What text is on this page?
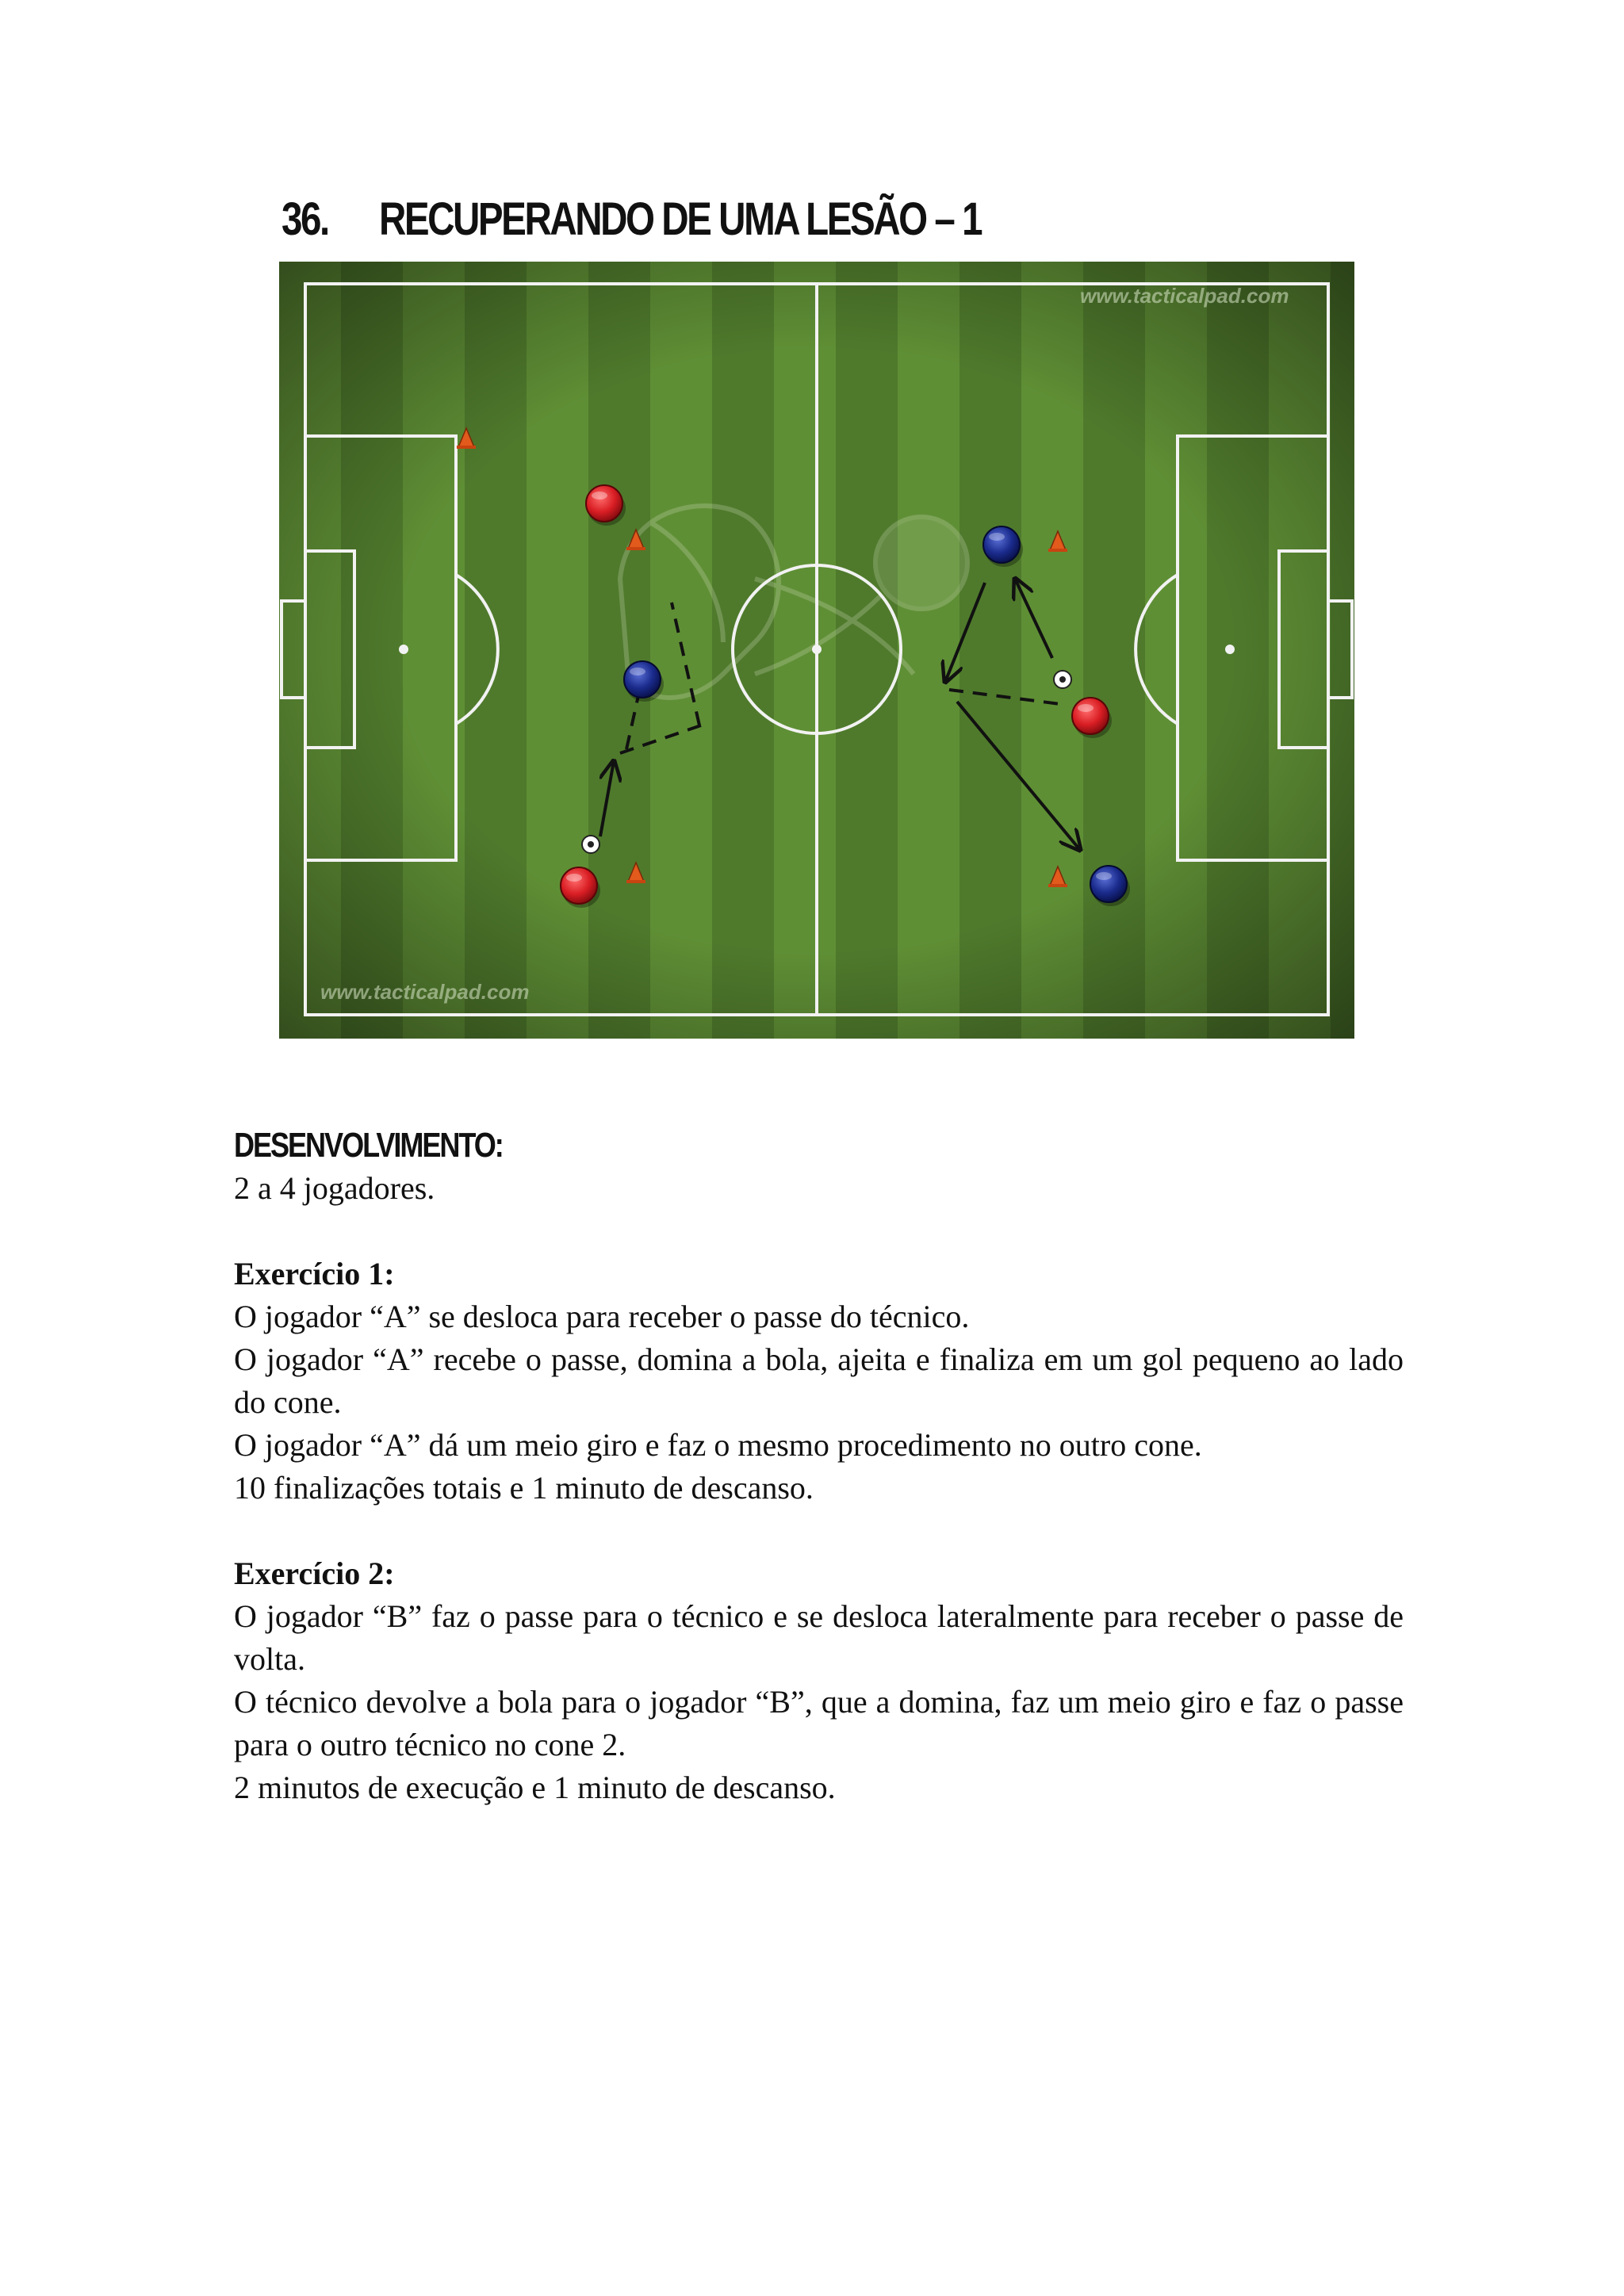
36. RECUPERANDO DE UMA LESÃO – 1
www.tacticalpad.com
www.tacticalpad.com
DESENVOLVIMENTO:

2 a 4 jogadores.

Exercício 1:

O jogador “A” se desloca para receber o passe do técnico.

O jogador “A” recebe o passe, domina a bola, ajeita e finaliza em um gol pequeno ao lado do cone.

O jogador “A” dá um meio giro e faz o mesmo procedimento no outro cone.

10 finalizações totais e 1 minuto de descanso.

Exercício 2:

O jogador “B” faz o passe para o técnico e se desloca lateralmente para receber o passe de volta.

O técnico devolve a bola para o jogador “B”, que a domina, faz um meio giro e faz o passe para o outro técnico no cone 2.

2 minutos de execução e 1 minuto de descanso.
